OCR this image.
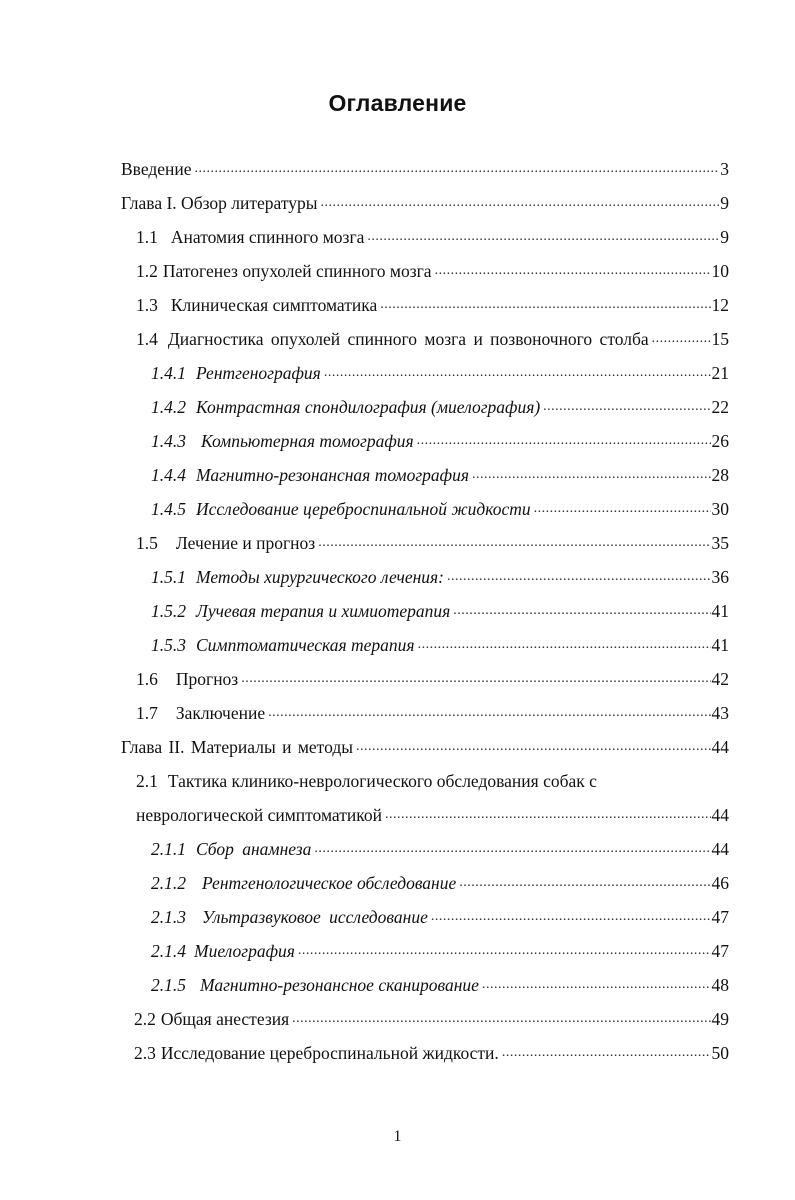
Оглавление
Введение .....	3
Глава I. Обзор литературы .....	9
1.1 Анатомия спинного мозга .....	9
1.2 Патогенез опухолей спинного мозга .....	10
1.3 Клиническая симптоматика .....	12
1.4 Диагностика опухолей спинного мозга и позвоночного столба .....	15
1.4.1 Рентгенография .....	21
1.4.2 Контрастная спондилография (миелография) .....	22
1.4.3 Компьютерная томография .....	26
1.4.4 Магнитно-резонансная томография .....	28
1.4.5 Исследование цереброспинальной жидкости .....	30
1.5 Лечение и прогноз .....	35
1.5.1 Методы хирургического лечения: .....	36
1.5.2 Лучевая терапия и химиотерапия .....	41
1.5.3 Симптоматическая терапия .....	41
1.6 Прогноз .....	42
1.7 Заключение .....	43
Глава II. Материалы и методы .....	44
2.1 Тактика клинико-неврологического обследования собак с
неврологической симптоматикой .....	44
2.1.1 Сбор анамнеза .....	44
2.1.2 Рентгенологическое обследование .....	46
2.1.3 Ультразвуковое исследование .....	47
2.1.4 Миелография .....	47
2.1.5 Магнитно-резонансное сканирование .....	48
2.2 Общая анестезия .....	49
2.3 Исследование цереброспинальной жидкости. .....	50
1
